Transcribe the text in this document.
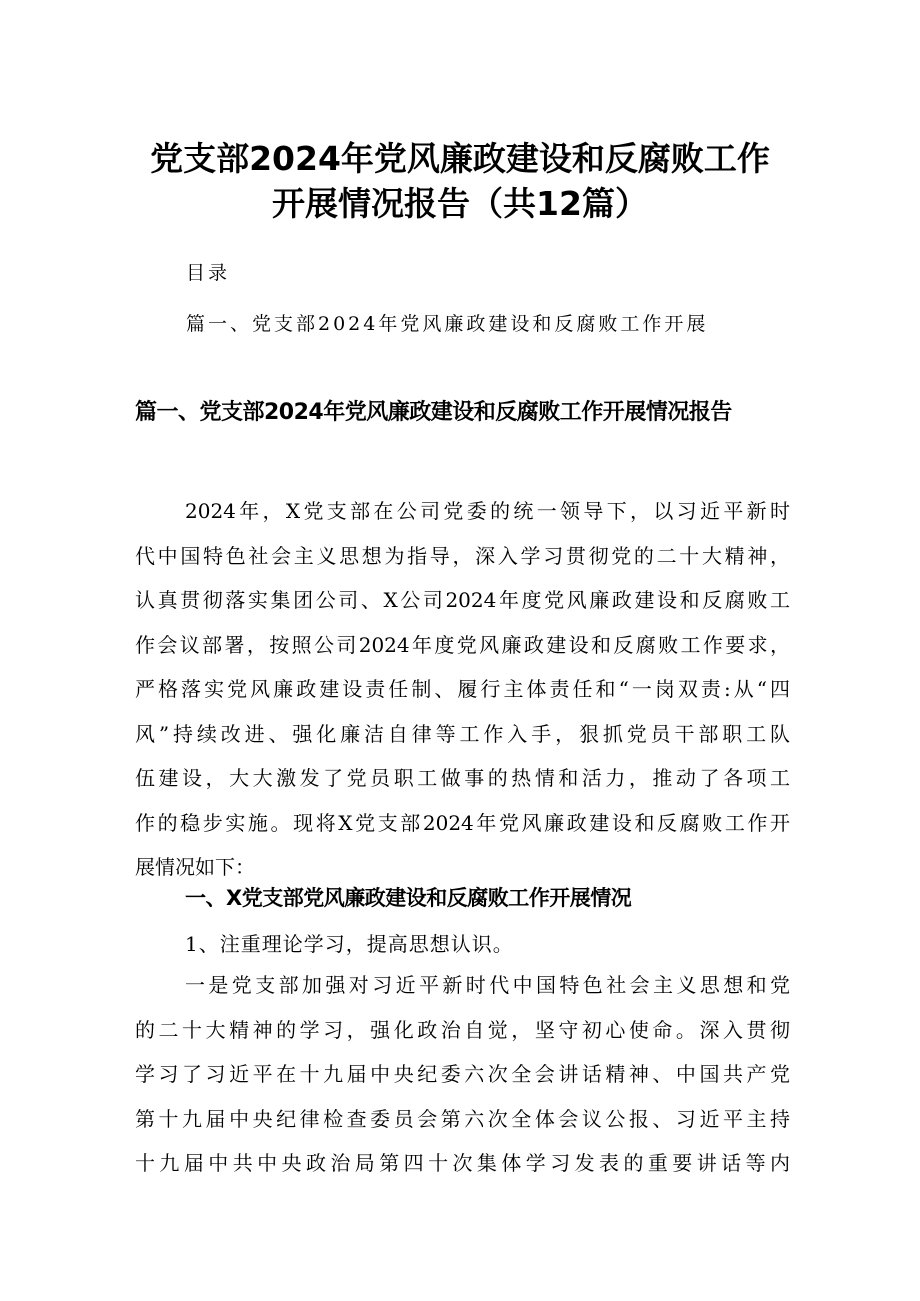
党支部2024年党风廉政建设和反腐败工作
开展情况报告（共12篇）
目录
篇一、党支部2024年党风廉政建设和反腐败工作开展
篇一、党支部2024年党风廉政建设和反腐败工作开展情况报告
2024年，X党支部在公司党委的统一领导下，以习近平新时
代中国特色社会主义思想为指导，深入学习贯彻党的二十大精神，
认真贯彻落实集团公司、X公司2024年度党风廉政建设和反腐败工
作会议部署，按照公司2024年度党风廉政建设和反腐败工作要求，
严格落实党风廉政建设责任制、履行主体责任和“一岗双责:从“四
风”持续改进、强化廉洁自律等工作入手，狠抓党员干部职工队
伍建设，大大激发了党员职工做事的热情和活力，推动了各项工
作的稳步实施。现将X党支部2024年党风廉政建设和反腐败工作开
展情况如下：
一、X党支部党风廉政建设和反腐败工作开展情况
1、注重理论学习，提高思想认识。
一是党支部加强对习近平新时代中国特色社会主义思想和党
的二十大精神的学习，强化政治自觉，坚守初心使命。深入贯彻
学习了习近平在十九届中央纪委六次全会讲话精神、中国共产党
第十九届中央纪律检查委员会第六次全体会议公报、习近平主持
十九届中共中央政治局第四十次集体学习发表的重要讲话等内
